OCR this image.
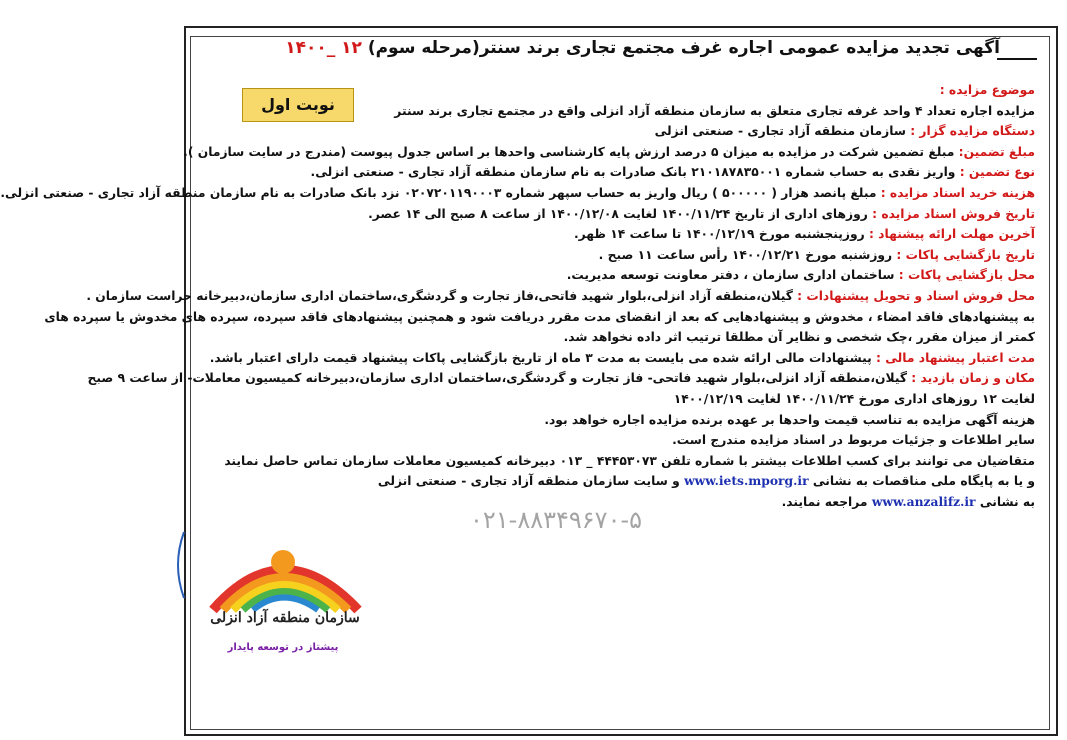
آگهی تجدید مزایده عمومی اجاره غرف مجتمع تجاری برند سنتر(مرحله سوم) ۱۲ _۱۴۰۰
نوبت اول
موضوع مزایده :
مزایده اجاره تعداد ۴ واحد غرفه تجاری متعلق به سازمان منطقه آزاد انزلی واقع در مجتمع تجاری برند سنتر
دستگاه مزایده گزار : سازمان منطقه آزاد تجاری - صنعتی انزلی
مبلغ تضمین: مبلغ تضمین شرکت در مزایده به میزان ۵ درصد ارزش پایه کارشناسی واحدها بر اساس جدول پیوست (مندرج در سایت سازمان ).
نوع تضمین : واریز نقدی به حساب شماره ۲۱۰۱۸۷۸۳۵۰۰۱ بانک صادرات به نام سازمان منطقه آزاد تجاری - صنعتی انزلی.
هزینه خرید اسناد مزایده : مبلغ پانصد هزار ( ۵۰۰۰۰۰ ) ریال واریز به حساب سپهر شماره ۰۲۰۷۲۰۱۱۹۰۰۰۳ نزد بانک صادرات به نام سازمان منطقه آزاد تجاری - صنعتی انزلی.
تاریخ فروش اسناد مزایده : روزهای اداری از تاریخ ۱۴۰۰/۱۱/۲۴ لغایت ۱۴۰۰/۱۲/۰۸ از ساعت ۸ صبح الی ۱۴ عصر.
آخرین مهلت ارائه پیشنهاد : روزپنجشنبه مورخ ۱۴۰۰/۱۲/۱۹ تا ساعت ۱۴ ظهر.
تاریخ بازگشایی پاکات : روزشنبه مورخ ۱۴۰۰/۱۲/۲۱ رأس ساعت ۱۱ صبح .
محل بازگشایی پاکات : ساختمان اداری سازمان ، دفتر معاونت توسعه مدیریت.
محل فروش اسناد و تحویل پیشنهادات : گیلان،منطقه آزاد انزلی،بلوار شهید فاتحی،فاز تجارت و گردشگری،ساختمان اداری سازمان،دبیرخانه حراست سازمان .
به پیشنهادهای فاقد امضاء ، مخدوش و پیشنهادهایی که بعد از انقضای مدت مقرر دریافت شود و همچنین پیشنهادهای فاقد سپرده، سپرده های مخدوش یا سپرده های
کمتر از میزان مقرر ،چک شخصی و نظایر آن مطلقا ترتیب اثر داده نخواهد شد.
مدت اعتبار پیشنهاد مالی : پیشنهادات مالی ارائه شده می بایست به مدت ۳ ماه از تاریخ بازگشایی پاکات پیشنهاد قیمت دارای اعتبار باشد.
مکان و زمان بازدید : گیلان،منطقه آزاد انزلی،بلوار شهید فاتحی- فاز تجارت و گردشگری،ساختمان اداری سازمان،دبیرخانه کمیسیون معاملات- از ساعت ۹ صبح
لغایت ۱۲ روزهای اداری مورخ ۱۴۰۰/۱۱/۲۴ لغایت ۱۴۰۰/۱۲/۱۹
هزینه آگهی مزایده به تناسب قیمت واحدها بر عهده برنده مزایده اجاره خواهد بود.
سایر اطلاعات و جزئیات مربوط در اسناد مزایده مندرج است.
متقاضیان می توانند برای کسب اطلاعات بیشتر با شماره تلفن ۴۴۴۵۳۰۷۳ _ ۰۱۳ دبیرخانه کمیسیون معاملات سازمان تماس حاصل نمایند
و یا به پایگاه ملی مناقصات به نشانی www.iets.mporg.ir و سایت سازمان منطقه آزاد تجاری - صنعتی انزلی
به نشانی www.anzalifz.ir مراجعه نمایند.
۰۲۱-۸۸۳۴۹۶۷۰-۵
سازمان منطقه آزاد انزلی
پیشتاز در توسعه پایدار
